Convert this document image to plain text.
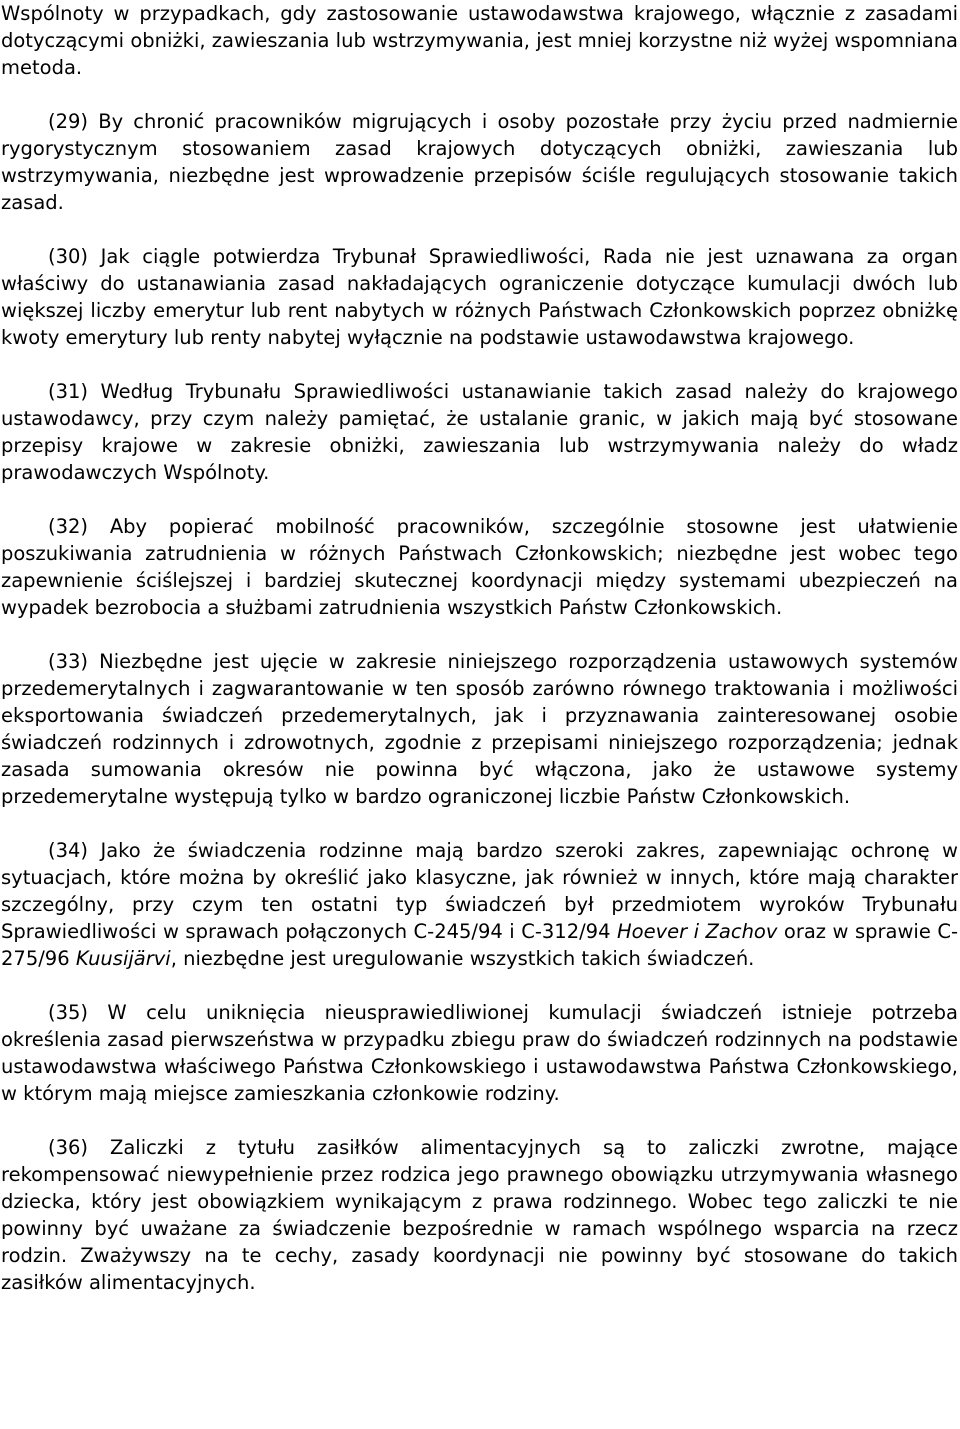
Wspólnoty w przypadkach, gdy zastosowanie ustawodawstwa krajowego, włącznie z zasadami dotyczącymi obniżki, zawieszania lub wstrzymywania, jest mniej korzystne niż wyżej wspomniana metoda.

(29) By chronić pracowników migrujących i osoby pozostałe przy życiu przed nadmiernie rygorystycznym stosowaniem zasad krajowych dotyczących obniżki, zawieszania lub wstrzymywania, niezbędne jest wprowadzenie przepisów ściśle regulujących stosowanie takich zasad.

(30) Jak ciągle potwierdza Trybunał Sprawiedliwości, Rada nie jest uznawana za organ właściwy do ustanawiania zasad nakładających ograniczenie dotyczące kumulacji dwóch lub większej liczby emerytur lub rent nabytych w różnych Państwach Członkowskich poprzez obniżkę kwoty emerytury lub renty nabytej wyłącznie na podstawie ustawodawstwa krajowego.

(31) Według Trybunału Sprawiedliwości ustanawianie takich zasad należy do krajowego ustawodawcy, przy czym należy pamiętać, że ustalanie granic, w jakich mają być stosowane przepisy krajowe w zakresie obniżki, zawieszania lub wstrzymywania należy do władz prawodawczych Wspólnoty.

(32) Aby popierać mobilność pracowników, szczególnie stosowne jest ułatwienie poszukiwania zatrudnienia w różnych Państwach Członkowskich; niezbędne jest wobec tego zapewnienie ściślejszej i bardziej skutecznej koordynacji między systemami ubezpieczeń na wypadek bezrobocia a służbami zatrudnienia wszystkich Państw Członkowskich.

(33) Niezbędne jest ujęcie w zakresie niniejszego rozporządzenia ustawowych systemów przedemerytalnych i zagwarantowanie w ten sposób zarówno równego traktowania i możliwości eksportowania świadczeń przedemerytalnych, jak i przyznawania zainteresowanej osobie świadczeń rodzinnych i zdrowotnych, zgodnie z przepisami niniejszego rozporządzenia; jednak zasada sumowania okresów nie powinna być włączona, jako że ustawowe systemy przedemerytalne występują tylko w bardzo ograniczonej liczbie Państw Członkowskich.

(34) Jako że świadczenia rodzinne mają bardzo szeroki zakres, zapewniając ochronę w sytuacjach, które można by określić jako klasyczne, jak również w innych, które mają charakter szczególny, przy czym ten ostatni typ świadczeń był przedmiotem wyroków Trybunału Sprawiedliwości w sprawach połączonych C-245/94 i C-312/94 Hoever i Zachov oraz w sprawie C-275/96 Kuusijärvi, niezbędne jest uregulowanie wszystkich takich świadczeń.

(35) W celu uniknięcia nieusprawiedliwionej kumulacji świadczeń istnieje potrzeba określenia zasad pierwszeństwa w przypadku zbiegu praw do świadczeń rodzinnych na podstawie ustawodawstwa właściwego Państwa Członkowskiego i ustawodawstwa Państwa Członkowskiego, w którym mają miejsce zamieszkania członkowie rodziny.

(36) Zaliczki z tytułu zasiłków alimentacyjnych są to zaliczki zwrotne, mające rekompensować niewypełnienie przez rodzica jego prawnego obowiązku utrzymywania własnego dziecka, który jest obowiązkiem wynikającym z prawa rodzinnego. Wobec tego zaliczki te nie powinny być uważane za świadczenie bezpośrednie w ramach wspólnego wsparcia na rzecz rodzin. Zważywszy na te cechy, zasady koordynacji nie powinny być stosowane do takich zasiłków alimentacyjnych.
